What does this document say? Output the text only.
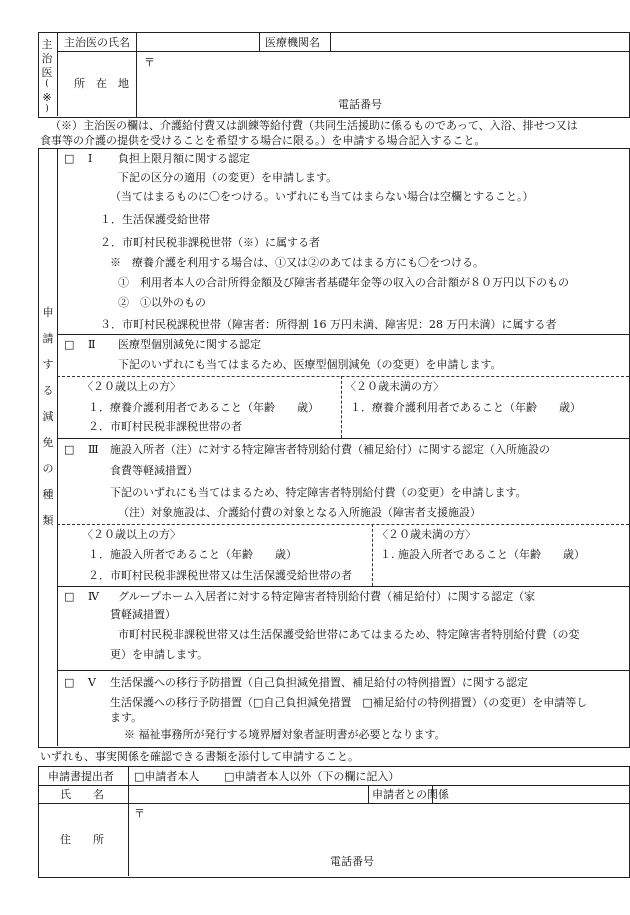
主
治
医
(
※
)
主治医の氏名	医療機関名
所　在　地
〒
電話番号
（※）主治医の欄は、介護給付費又は訓練等給付費（共同生活援助に係るものであって、入浴、排せつ又は
食事等の介護の提供を受けることを希望する場合に限る。）を申請する場合記入すること。
申
請
す
る
減
免
の
種
類
□ Ⅰ 負担上限月額に関する認定
下記の区分の適用（の変更）を申請します。
（当てはまるものに〇をつける。いずれにも当てはまらない場合は空欄とすること。）
１．生活保護受給世帯
２．市町村民税非課税世帯（※）に属する者
※　療養介護を利用する場合は、①又は②のあてはまる方にも〇をつける。
①　利用者本人の合計所得金額及び障害者基礎年金等の収入の合計額が８０万円以下のもの
②　①以外のもの
３．市町村民税課税世帯（障害者：所得割 16 万円未満、障害児：28 万円未満）に属する者
□ Ⅱ 医療型個別減免に関する認定
下記のいずれにも当てはまるため、医療型個別減免（の変更）を申請します。
〈２０歳以上の方〉
１．療養介護利用者であること（年齢　　歳）
２．市町村民税非課税世帯の者
〈２０歳未満の方〉
１．療養介護利用者であること（年齢　　歳）
□ Ⅲ 施設入所者（注）に対する特定障害者特別給付費（補足給付）に関する認定（入所施設の
食費等軽減措置）
下記のいずれにも当てはまるため、特定障害者特別給付費（の変更）を申請します。
（注）対象施設は、介護給付費の対象となる入所施設（障害者支援施設）
〈２０歳以上の方〉
１．施設入所者であること（年齢　　歳）
２．市町村民税非課税世帯又は生活保護受給世帯の者
〈２０歳未満の方〉
１. 施設入所者であること（年齢　　歳）
□ Ⅳ グループホーム入居者に対する特定障害者特別給付費（補足給付）に関する認定（家
賃軽減措置）
市町村民税非課税世帯又は生活保護受給世帯にあてはまるため、特定障害者特別給付費（の変
更）を申請します。
□ Ⅴ 生活保護への移行予防措置（自己負担減免措置、補足給付の特例措置）に関する認定
生活保護への移行予防措置（□自己負担減免措置　□補足給付の特例措置）（の変更）を申請等し
ます。
※ 福祉事務所が発行する境界層対象者証明書が必要となります。
いずれも、事実関係を確認できる書類を添付して申請すること。
申請書提出者 □申請者本人 □申請者本人以外（下の欄に記入）
氏　　名	申請者との関係
住　　所
〒
電話番号
